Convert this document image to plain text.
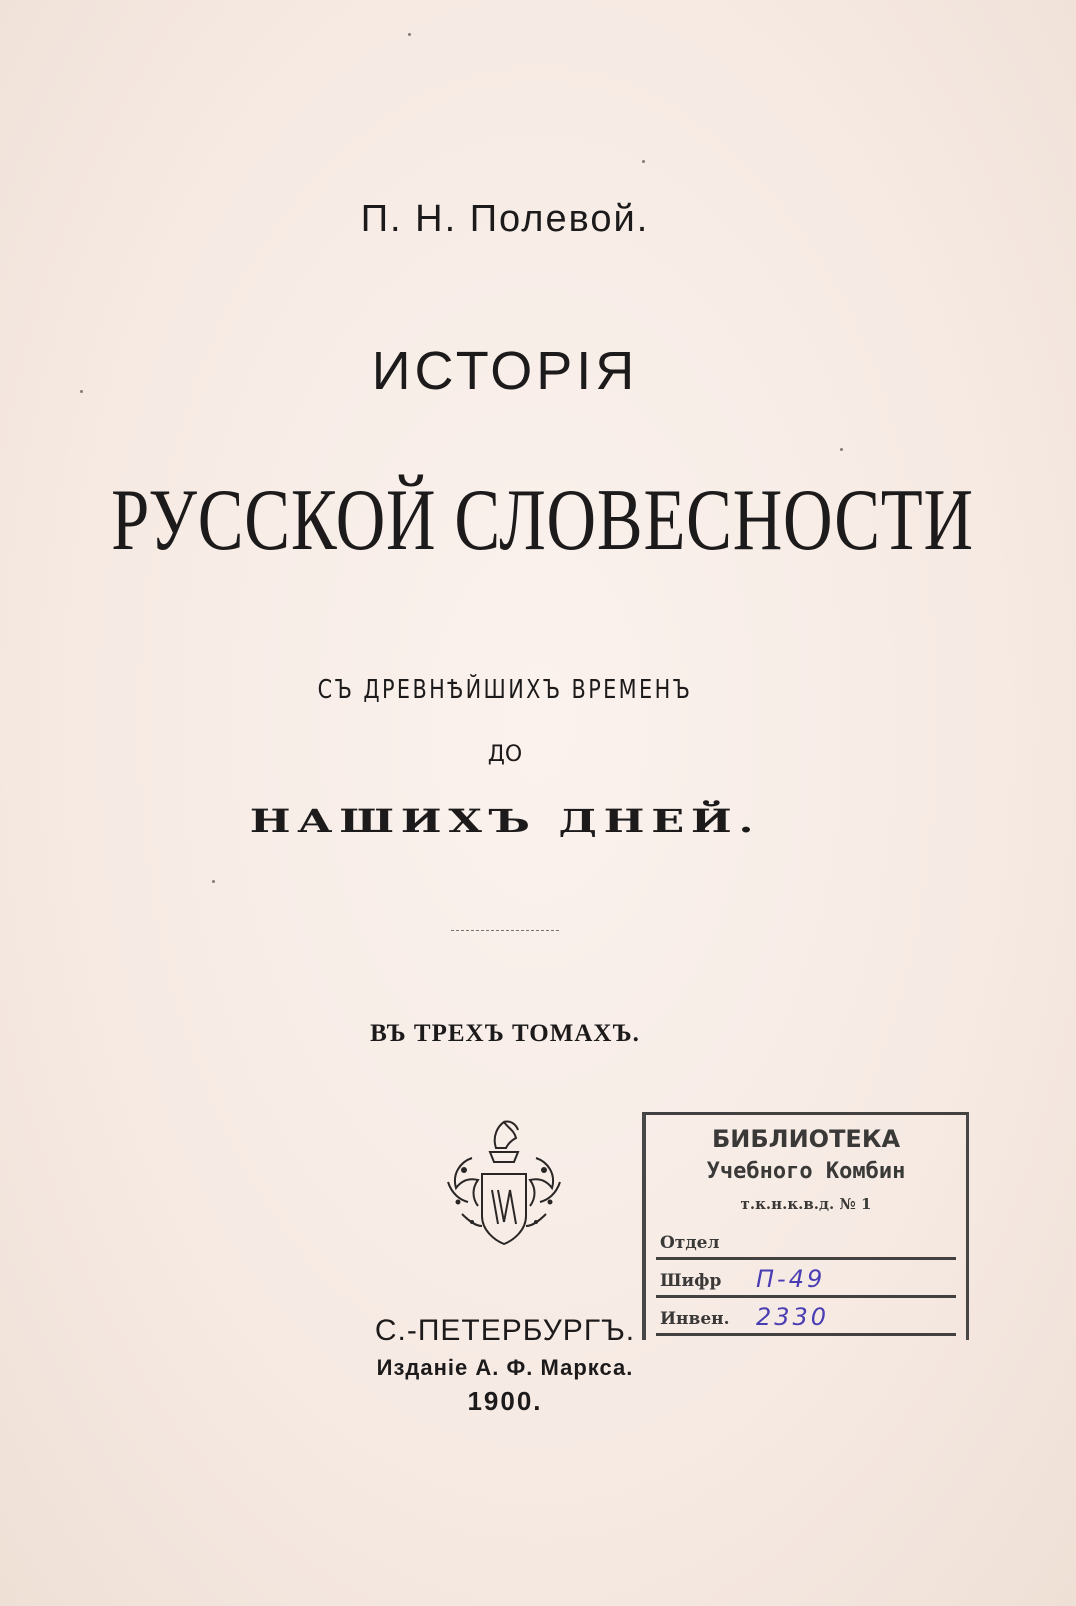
П. Н. Полевой.
ИСТОРІЯ
РУССКОЙ СЛОВЕСНОСТИ
СЪ ДРЕВНѢЙШИХЪ ВРЕМЕНЪ
ДО
НАШИХЪ ДНЕЙ.
ВЪ ТРЕХЪ ТОМАХЪ.
С.-ПЕТЕРБУРГЪ.
Изданіе А. Ф. Маркса.
1900.
БИБЛИОТЕКА
Учебного Комбин
т.к.н.к.в.д. № 1
Отдел
Шифр П-49
Инвен. 2330
